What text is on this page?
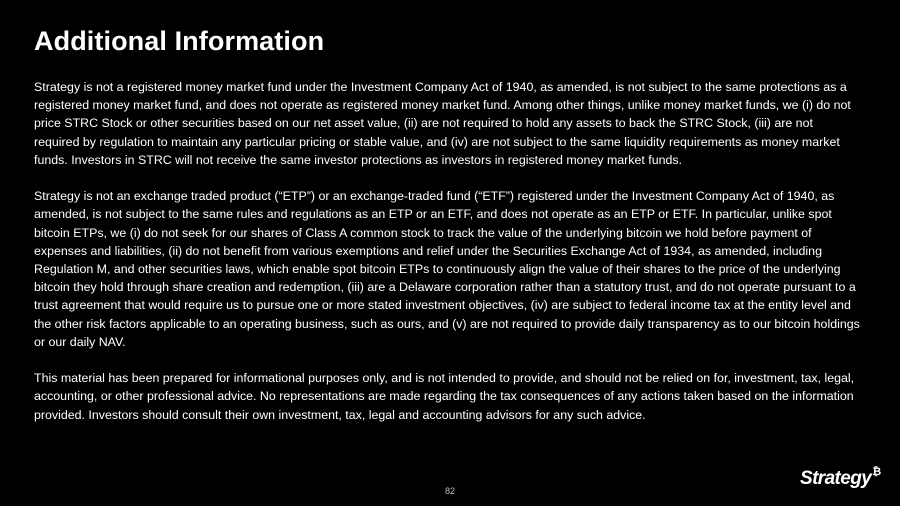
Additional Information

Strategy is not a registered money market fund under the Investment Company Act of 1940, as amended, is not subject to the same protections as a registered money market fund, and does not operate as registered money market fund. Among other things, unlike money market funds, we (i) do not price STRC Stock or other securities based on our net asset value, (ii) are not required to hold any assets to back the STRC Stock, (iii) are not required by regulation to maintain any particular pricing or stable value, and (iv) are not subject to the same liquidity requirements as money market funds. Investors in STRC will not receive the same investor protections as investors in registered money market funds.

Strategy is not an exchange traded product (“ETP”) or an exchange-traded fund (“ETF”) registered under the Investment Company Act of 1940, as amended, is not subject to the same rules and regulations as an ETP or an ETF, and does not operate as an ETP or ETF. In particular, unlike spot bitcoin ETPs, we (i) do not seek for our shares of Class A common stock to track the value of the underlying bitcoin we hold before payment of expenses and liabilities, (ii) do not benefit from various exemptions and relief under the Securities Exchange Act of 1934, as amended, including Regulation M, and other securities laws, which enable spot bitcoin ETPs to continuously align the value of their shares to the price of the underlying bitcoin they hold through share creation and redemption, (iii) are a Delaware corporation rather than a statutory trust, and do not operate pursuant to a trust agreement that would require us to pursue one or more stated investment objectives, (iv) are subject to federal income tax at the entity level and the other risk factors applicable to an operating business, such as ours, and (v) are not required to provide daily transparency as to our bitcoin holdings or our daily NAV.

This material has been prepared for informational purposes only, and is not intended to provide, and should not be relied on for, investment, tax, legal, accounting, or other professional advice. No representations are made regarding the tax consequences of any actions taken based on the information provided. Investors should consult their own investment, tax, legal and accounting advisors for any such advice.

82
Strategy ₿
